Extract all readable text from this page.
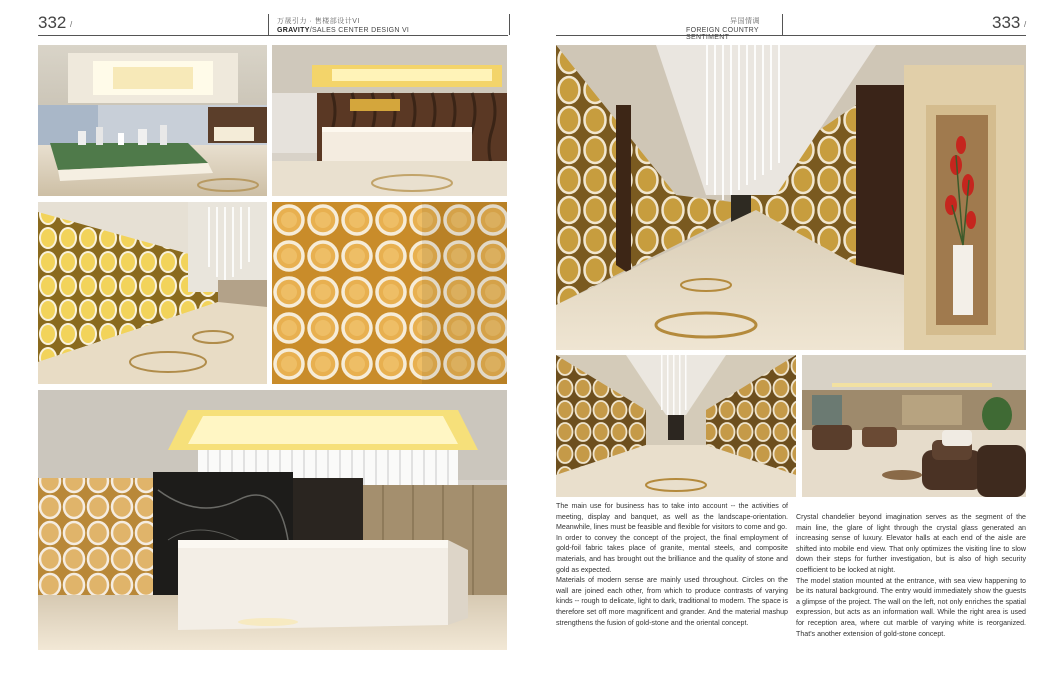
332 /	万晟引力 · 售楼部设计VI
GRAVITY/SALES CENTER DESIGN VI
异国情调
FOREIGN COUNTRY SENTIMENT
333 /

The main use for business has to take into account -- the activities of meeting, display and banquet, as well as the landscape-orientation. Meanwhile, lines must be feasible and flexible for visitors to come and go.

In order to convey the concept of the project, the final employment of gold-foil fabric takes place of granite, mental steels, and composite materials, and has brought out the brilliance and the quality of stone and gold as expected.

Materials of modern sense are mainly used throughout. Circles on the wall are joined each other, from which to produce contrasts of varying kinds -- rough to delicate, light to dark, traditional to modern. The space is therefore set off more magnificent and grander. And the material mashup strengthens the fusion of gold-stone and the oriental concept.

Crystal chandelier beyond imagination serves as the segment of the main line, the glare of light through the crystal glass generated an increasing sense of luxury. Elevator halls at each end of the aisle are shifted into mobile end view. That only optimizes the visiting line to slow down their steps for further investigation, but is also of high security coefficient to be locked at night.

The model station mounted at the entrance, with sea view happening to be its natural background. The entry would immediately show the guests a glimpse of the project. The wall on the left, not only enriches the spatial expression, but acts as an information wall. While the right area is used for reception area, where cut marble of varying white is reorganized. That's another extension of gold-stone concept.
